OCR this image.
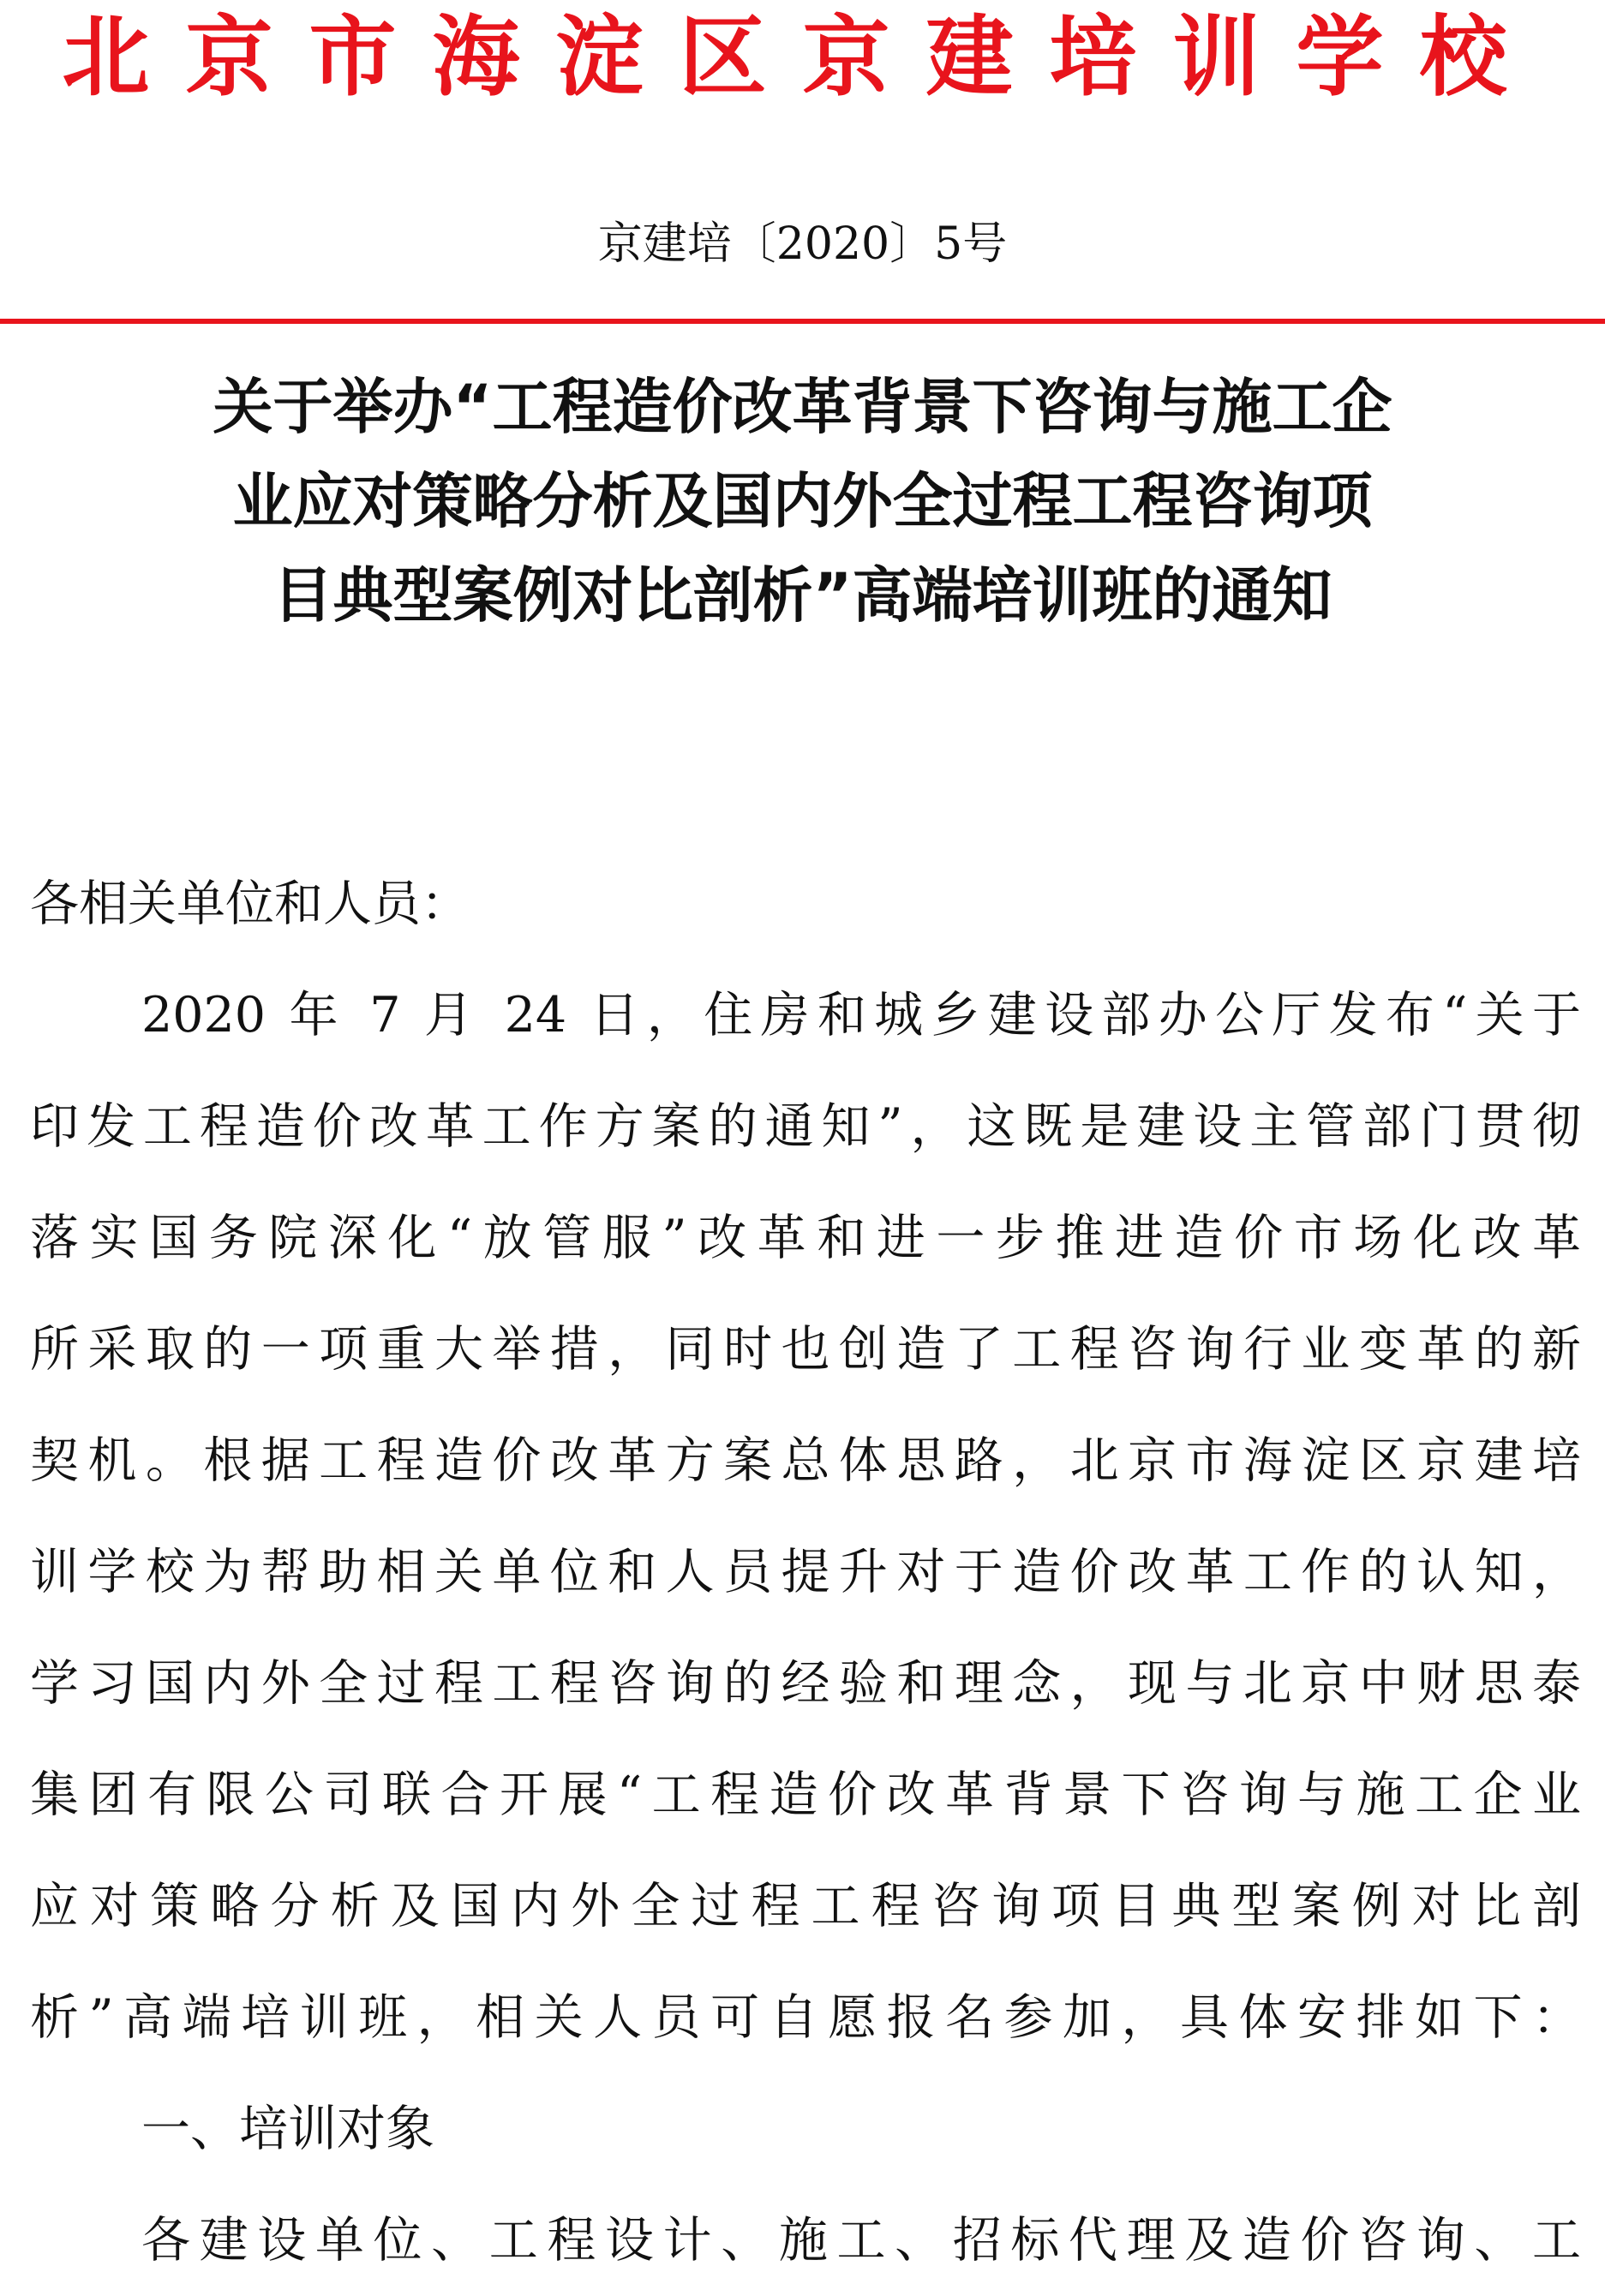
北京市海淀区京建培训学校
京建培〔2020〕5号
关于举办“工程造价改革背景下咨询与施工企
业应对策略分析及国内外全过程工程咨询项
目典型案例对比剖析”高端培训班的通知
各相关单位和人员：
2020 年 7 月 24 日，住房和城乡建设部办公厅发布“关于
印发工程造价改革工作方案的通知”，这既是建设主管部门贯彻
落实国务院深化“放管服”改革和进一步推进造价市场化改革
所采取的一项重大举措，同时也创造了工程咨询行业变革的新
契机。根据工程造价改革方案总体思路，北京市海淀区京建培
训学校为帮助相关单位和人员提升对于造价改革工作的认知，
学习国内外全过程工程咨询的经验和理念，现与北京中财思泰
集团有限公司联合开展“工程造价改革背景下咨询与施工企业
应对策略分析及国内外全过程工程咨询项目典型案例对比剖
析”高端培训班，相关人员可自愿报名参加，具体安排如下：
一、培训对象
各建设单位、工程设计、施工、招标代理及造价咨询、工
